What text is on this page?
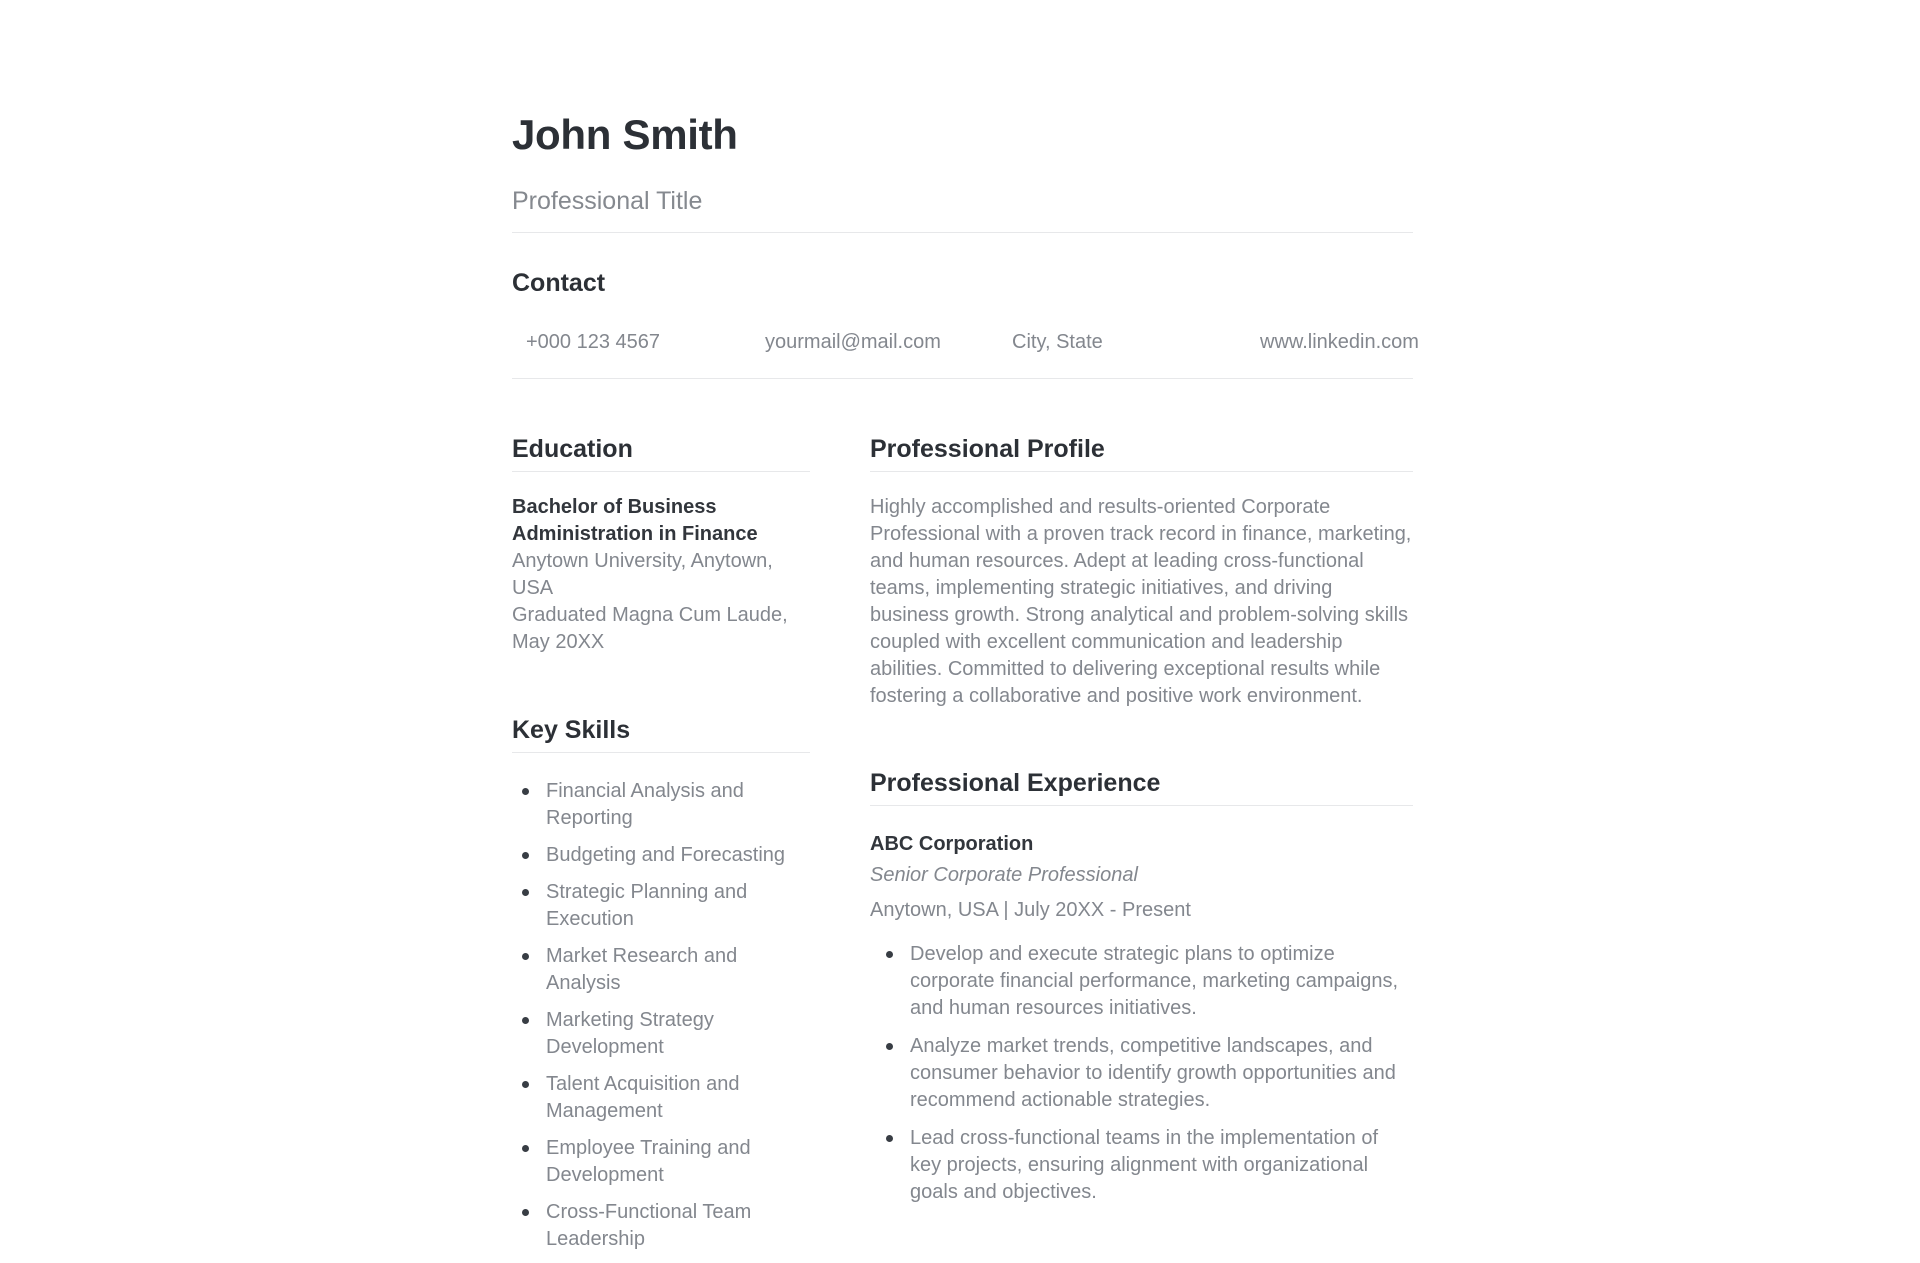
John Smith

Professional Title

Contact
+000 123 4567	yourmail@mail.com	City, State	www.linkedin.com
Education

Bachelor of Business Administration in Finance

Anytown University, Anytown, USA

Graduated Magna Cum Laude, May 20XX

Key Skills
Financial Analysis and Reporting
Budgeting and Forecasting
Strategic Planning and Execution
Market Research and Analysis
Marketing Strategy Development
Talent Acquisition and Management
Employee Training and Development
Cross-Functional Team Leadership
Professional Profile

Highly accomplished and results-oriented Corporate Professional with a proven track record in finance, marketing, and human resources. Adept at leading cross-functional teams, implementing strategic initiatives, and driving business growth. Strong analytical and problem-solving skills coupled with excellent communication and leadership abilities. Committed to delivering exceptional results while fostering a collaborative and positive work environment.

Professional Experience

ABC Corporation

Senior Corporate Professional

Anytown, USA | July 20XX - Present

Develop and execute strategic plans to optimize corporate financial performance, marketing campaigns, and human resources initiatives.
Analyze market trends, competitive landscapes, and consumer behavior to identify growth opportunities and recommend actionable strategies.
Lead cross-functional teams in the implementation of key projects, ensuring alignment with organizational goals and objectives.
